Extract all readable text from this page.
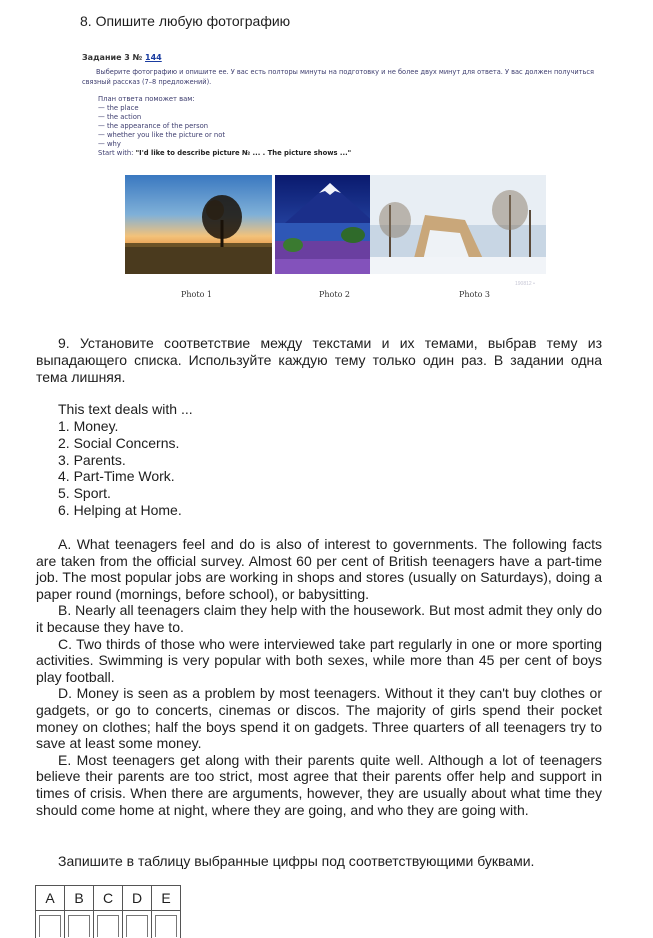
8. Опишите любую фотографию
Задание 3 № 144
Выберите фотографию и опишите ее. У вас есть полторы минуты на подготовку и не более двух минут для ответа. У вас должен получиться связный рассказ (7–8 предложений).
План ответа поможет вам:
— the place
— the action
— the appearance of the person
— whether you like the picture or not
— why
Start with: "I'd like to describe picture № ... . The picture shows ..."
190812 •
Photo 1	Photo 2	Photo 3
9. Установите соответствие между текстами и их темами, выбрав тему из выпадающего списка. Используйте каждую тему только один раз. В задании одна тема лишняя.
This text deals with ...
1. Money.
2. Social Concerns.
3. Parents.
4. Part-Time Work.
5. Sport.
6. Helping at Home.

A. What teenagers feel and do is also of interest to governments. The following facts are taken from the official survey. Almost 60 per cent of British teenagers have a part-time job. The most popular jobs are working in shops and stores (usually on Saturdays), doing a paper round (mornings, before school), or babysitting.

B. Nearly all teenagers claim they help with the housework. But most admit they only do it because they have to.

C. Two thirds of those who were interviewed take part regularly in one or more sporting activities. Swimming is very popular with both sexes, while more than 45 per cent of boys play football.

D. Money is seen as a problem by most teenagers. Without it they can't buy clothes or gadgets, or go to concerts, cinemas or discos. The majority of girls spend their pocket money on clothes; half the boys spend it on gadgets. Three quarters of all teenagers try to save at least some money.

E. Most teenagers get along with their parents quite well. Although a lot of teenagers believe their parents are too strict, most agree that their parents offer help and support in times of crisis. When there are arguments, however, they are usually about what time they should come home at night, where they are going, and who they are going with.

Запишите в таблицу выбранные цифры под соответствующими буквами.
A	B	C	D	E
